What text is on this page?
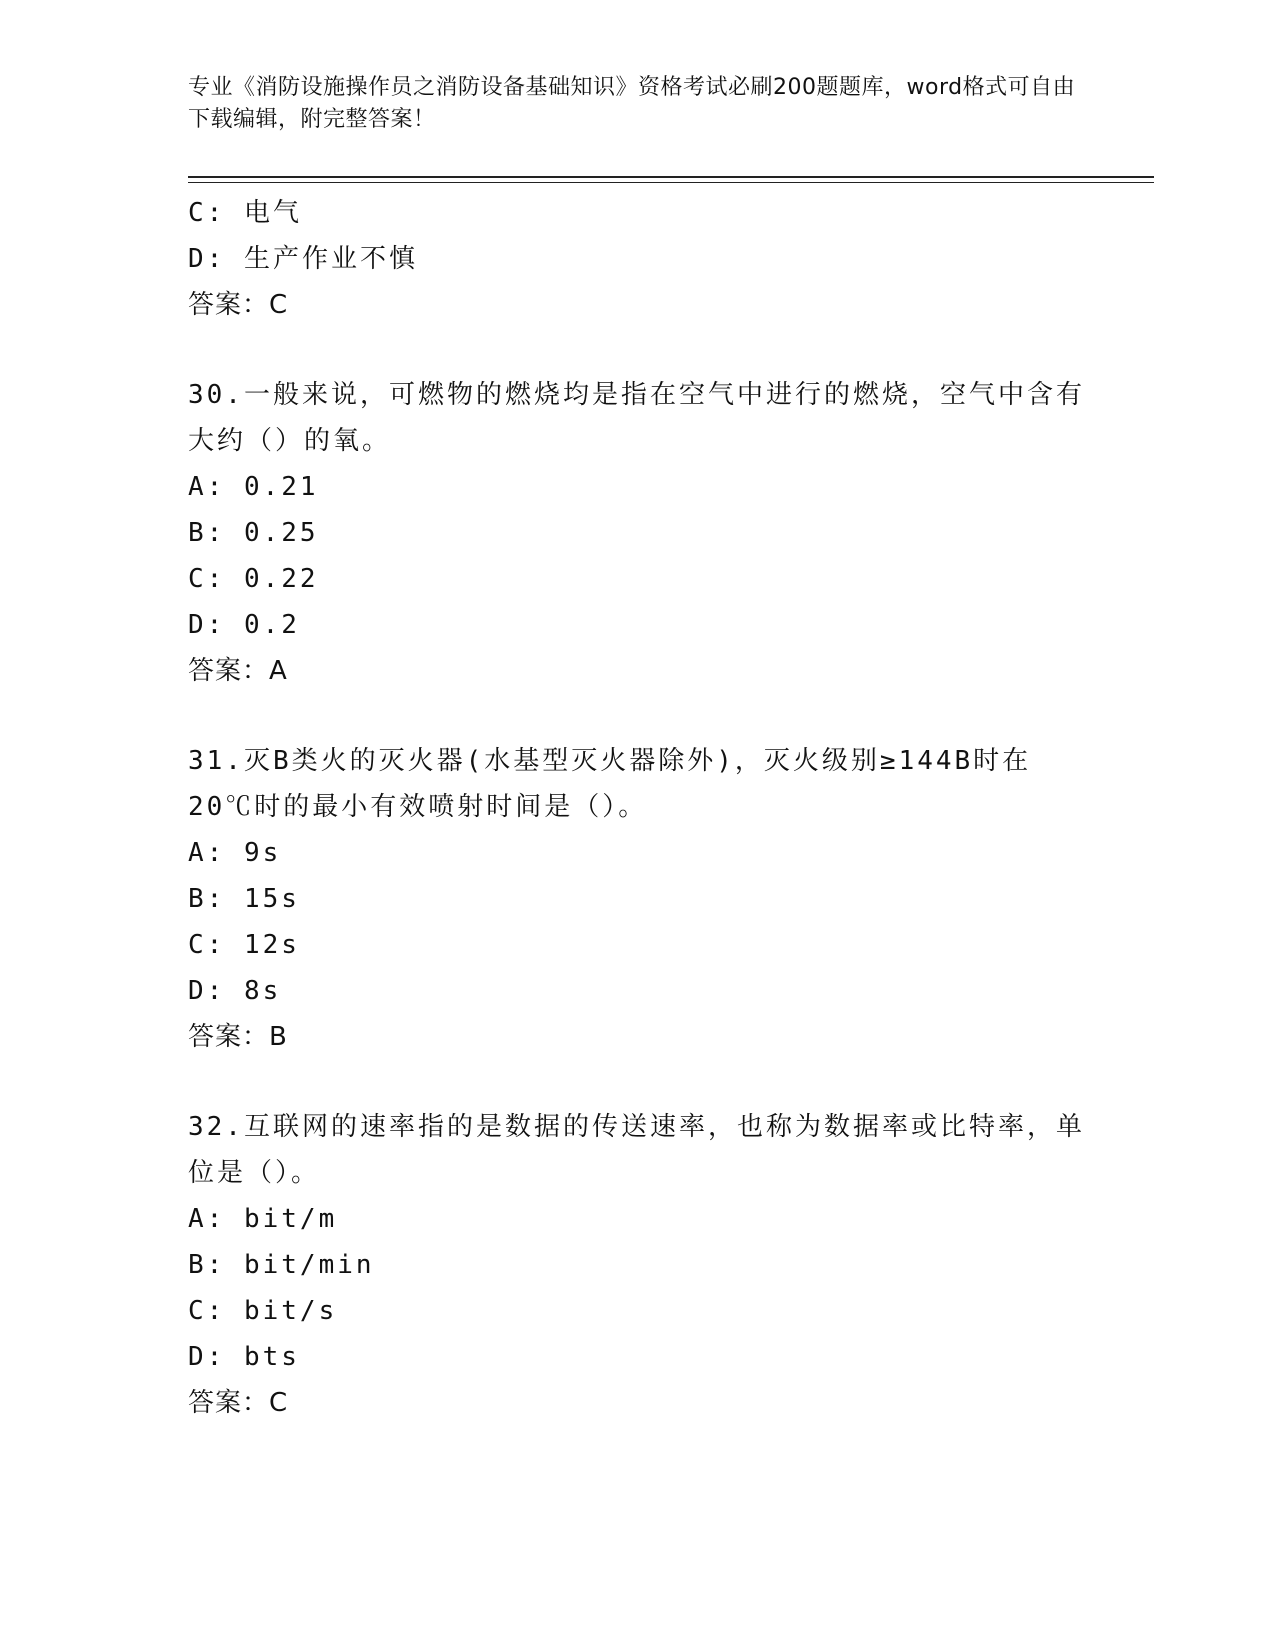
专业《消防设施操作员之消防设备基础知识》资格考试必刷200题题库，word格式可自由下载编辑，附完整答案！
C: 电气
D: 生产作业不慎
答案：C
30.一般来说，可燃物的燃烧均是指在空气中进行的燃烧，空气中含有大约（）的氧。
A: 0.21
B: 0.25
C: 0.22
D: 0.2
答案：A
31.灭B类火的灭火器(水基型灭火器除外)，灭火级别≥144B时在20℃时的最小有效喷射时间是（）。
A: 9s
B: 15s
C: 12s
D: 8s
答案：B
32.互联网的速率指的是数据的传送速率，也称为数据率或比特率，单位是（）。
A: bit/m
B: bit/min
C: bit/s
D: bts
答案：C
